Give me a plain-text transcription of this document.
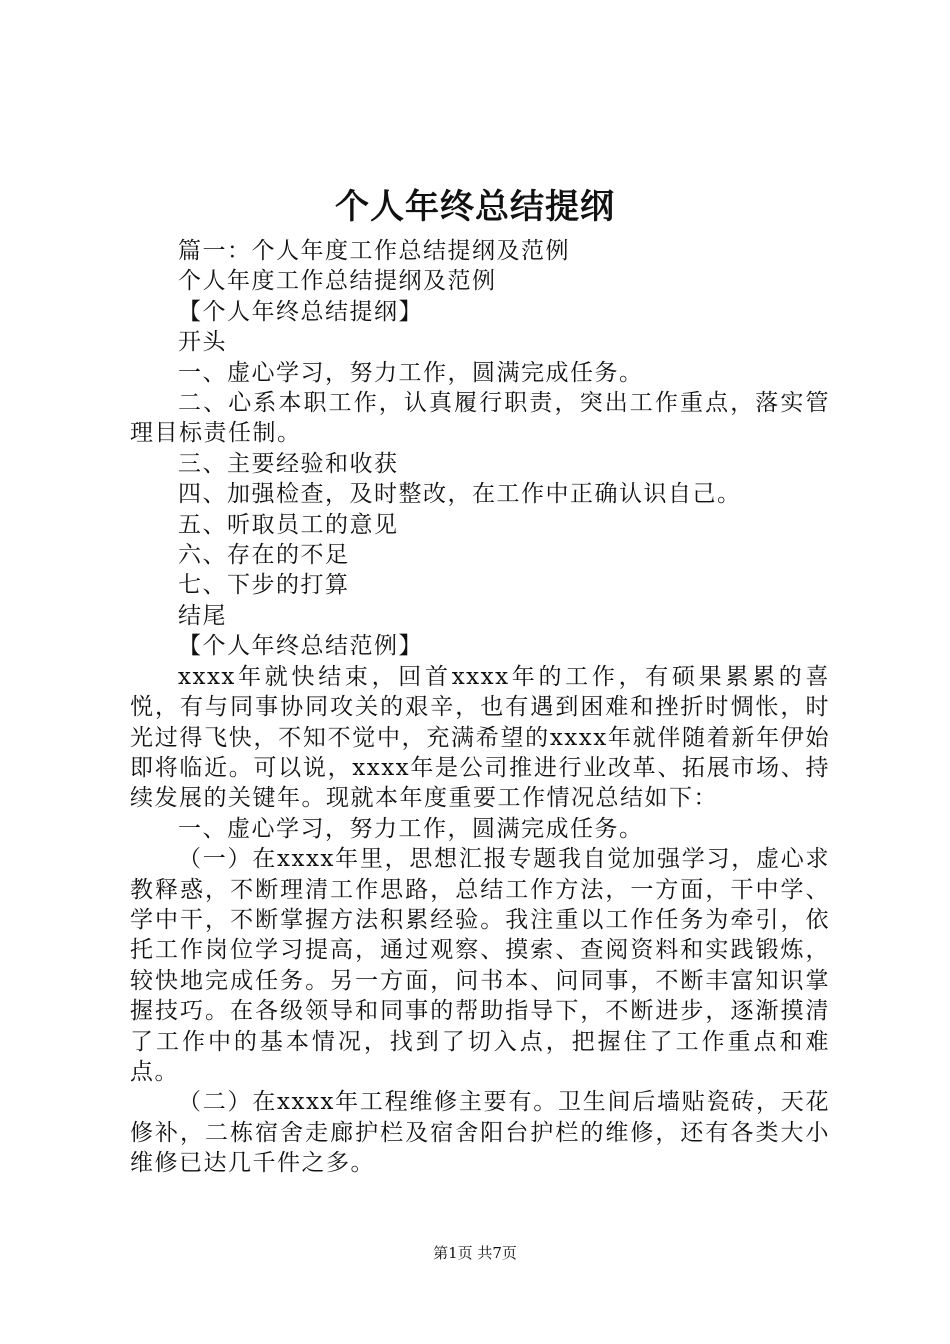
个人年终总结提纲

篇一：个人年度工作总结提纲及范例

个人年度工作总结提纲及范例

【个人年终总结提纲】

开头

一、虚心学习，努力工作，圆满完成任务。

二、心系本职工作，认真履行职责，突出工作重点，落实管理目标责任制。

三、主要经验和收获

四、加强检查，及时整改，在工作中正确认识自己。

五、听取员工的意见

六、存在的不足

七、下步的打算

结尾

【个人年终总结范例】

xxxx年就快结束，回首xxxx年的工作，有硕果累累的喜悦，有与同事协同攻关的艰辛，也有遇到困难和挫折时惆怅，时光过得飞快，不知不觉中，充满希望的xxxx年就伴随着新年伊始即将临近。可以说，xxxx年是公司推进行业改革、拓展市场、持续发展的关键年。现就本年度重要工作情况总结如下：

一、虚心学习，努力工作，圆满完成任务。

（一）在xxxx年里，思想汇报专题我自觉加强学习，虚心求教释惑，不断理清工作思路，总结工作方法，一方面，干中学、学中干，不断掌握方法积累经验。我注重以工作任务为牵引，依托工作岗位学习提高，通过观察、摸索、查阅资料和实践锻炼，较快地完成任务。另一方面，问书本、问同事，不断丰富知识掌握技巧。在各级领导和同事的帮助指导下，不断进步，逐渐摸清了工作中的基本情况，找到了切入点，把握住了工作重点和难点。

（二）在xxxx年工程维修主要有。卫生间后墙贴瓷砖，天花修补，二栋宿舍走廊护栏及宿舍阳台护栏的维修，还有各类大小维修已达几千件之多。

第1页 共7页
